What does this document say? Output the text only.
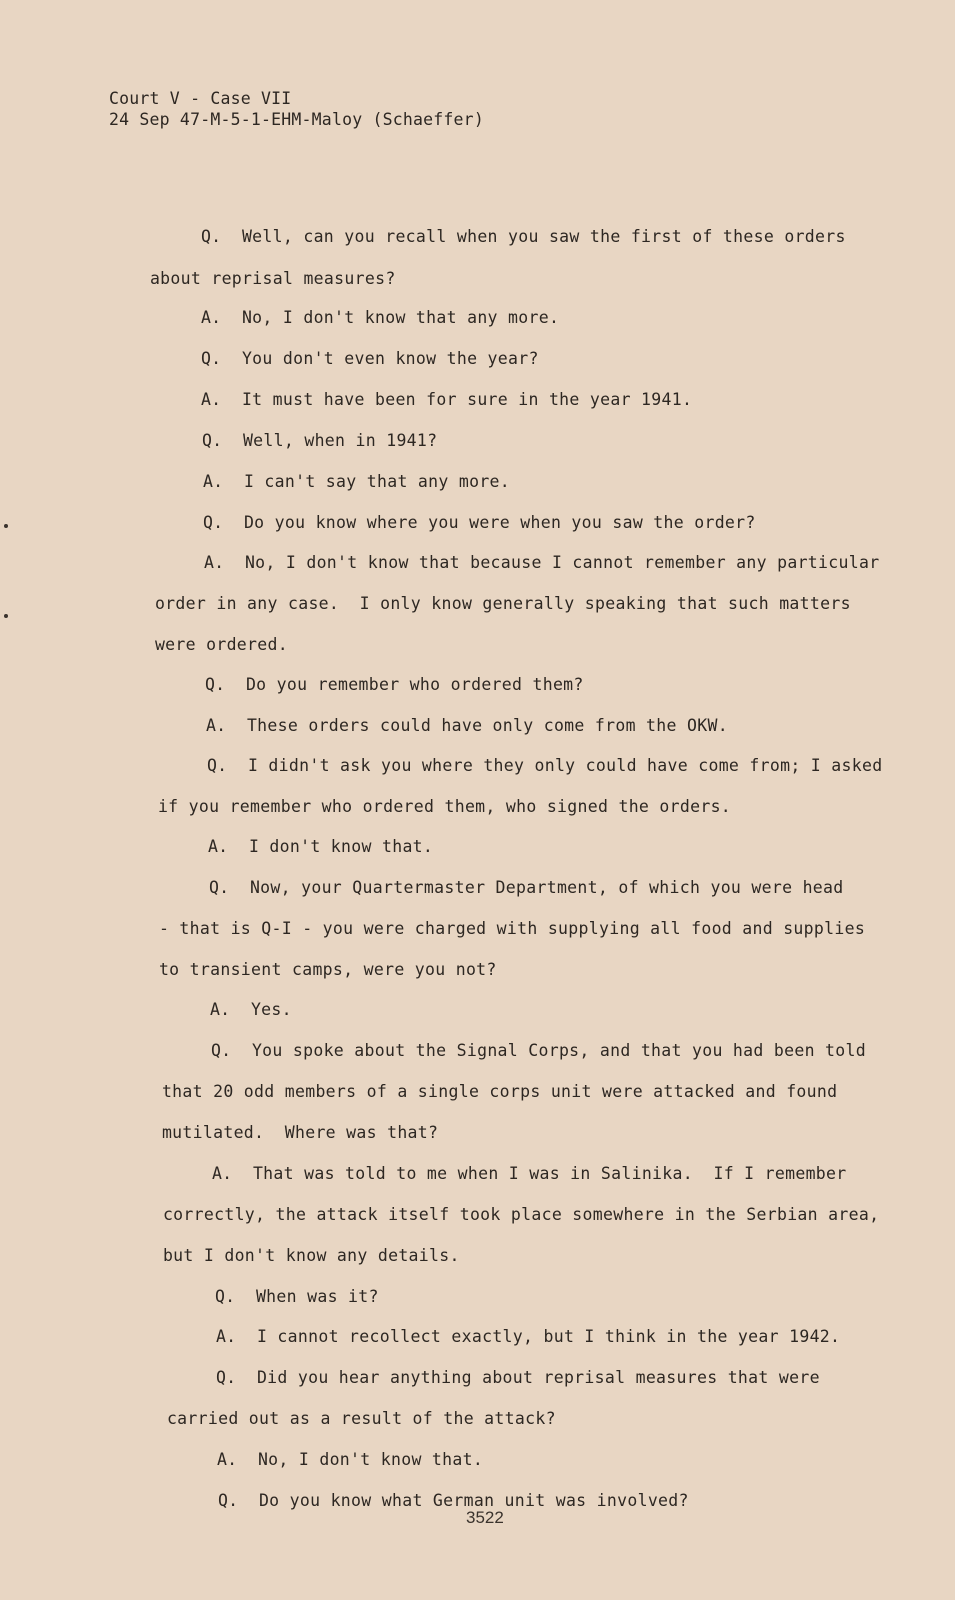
Court V - Case VII
24 Sep 47-M-5-1-EHM-Maloy (Schaeffer)

Q. Well, can you recall when you saw the first of these orders

about reprisal measures?

A. No, I don't know that any more.

Q. You don't even know the year?

A. It must have been for sure in the year 1941.

Q. Well, when in 1941?

A. I can't say that any more.

Q. Do you know where you were when you saw the order?

A. No, I don't know that because I cannot remember any particular

order in any case.  I only know generally speaking that such matters

were ordered.

Q. Do you remember who ordered them?

A. These orders could have only come from the OKW.

Q. I didn't ask you where they only could have come from; I asked

if you remember who ordered them, who signed the orders.

A. I don't know that.

Q. Now, your Quartermaster Department, of which you were head

- that is Q-I - you were charged with supplying all food and supplies

to transient camps, were you not?

A. Yes.

Q. You spoke about the Signal Corps, and that you had been told

that 20 odd members of a single corps unit were attacked and found

mutilated.  Where was that?

A. That was told to me when I was in Salinika.  If I remember

correctly, the attack itself took place somewhere in the Serbian area,

but I don't know any details.

Q. When was it?

A. I cannot recollect exactly, but I think in the year 1942.

Q. Did you hear anything about reprisal measures that were

carried out as a result of the attack?

A. No, I don't know that.

Q. Do you know what German unit was involved?

3522
